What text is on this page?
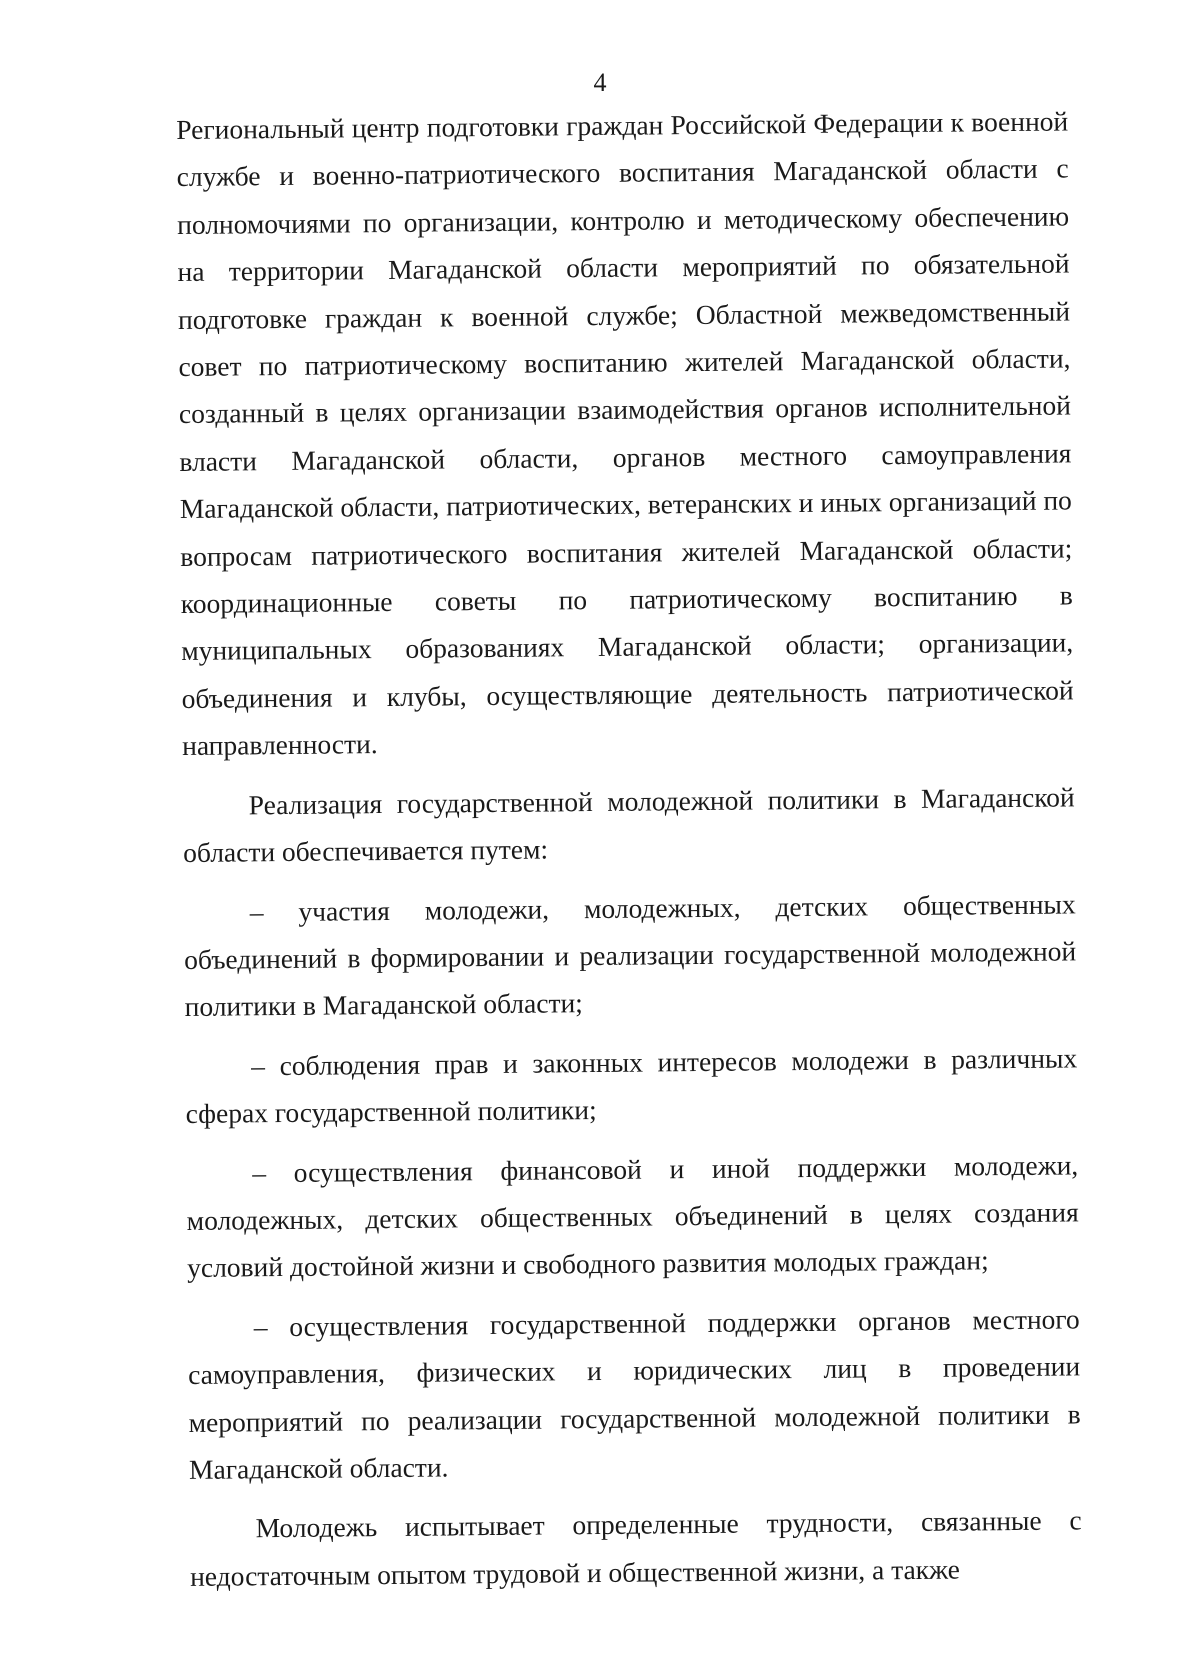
4

Региональный центр подготовки граждан Российской Федерации к военной службе и военно-патриотического воспитания Магаданской области с полномочиями по организации, контролю и методическому обеспечению на территории Магаданской области мероприятий по обязательной подготовке граждан к военной службе; Областной межведомственный совет по патриотическому воспитанию жителей Магаданской области, созданный в целях организации взаимодействия органов исполнительной власти Магаданской области, органов местного самоуправления Магаданской области, патриотических, ветеранских и иных организаций по вопросам патриотического воспитания жителей Магаданской области; координационные советы по патриотическому воспитанию в муниципальных образованиях Магаданской области; организации, объединения и клубы, осуществляющие деятельность патриотической направленности.

Реализация государственной молодежной политики в Магаданской области обеспечивается путем:

– участия молодежи, молодежных, детских общественных объединений в формировании и реализации государственной молодежной политики в Магаданской области;

– соблюдения прав и законных интересов молодежи в различных сферах государственной политики;

– осуществления финансовой и иной поддержки молодежи, молодежных, детских общественных объединений в целях создания условий достойной жизни и свободного развития молодых граждан;

– осуществления государственной поддержки органов местного самоуправления, физических и юридических лиц в проведении мероприятий по реализации государственной молодежной политики в Магаданской области.

Молодежь испытывает определенные трудности, связанные с недостаточным опытом трудовой и общественной жизни, а также
